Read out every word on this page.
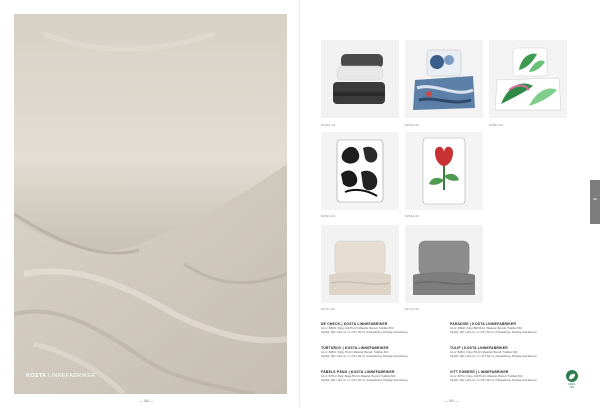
KOSTA LINNEFABRIKER
— 58 —
82903-10	82902-00	82897-00
82821-00	82821-00
82711-00	82710-00
DE CHECK | KOSTA LINNEFABRIKER
Art.nr: 82903 | Färg: Grå 55-10 | Material: Bomull, Tvättbar 60C
Storlek: 150 x 210 cm / 1 x 50 x 60 cm | Förpackning: Polybag med kartong
PARADISE | KOSTA LINNEFABRIKER
Art.nr: 82902 | Färg: Blå 55-10 | Material: Bomull, Tvättbar 60C
Storlek: 150 x 210 cm / 1 x 50 x 60 cm | Förpackning: Polybag med kartong
TURTUROV | KOSTA LINNEFABRIKER
Art.nr: 82821 | Färg: 55-10 | Material: Bomull, Tvättbar 60C
Storlek: 150 x 210 cm / 1 x 50 x 60 cm | Förpackning: Polybag med kartong
TULIP | KOSTA LINNEFABRIKER
Art.nr: 82821 | Färg: 55-10 | Material: Bomull, Tvättbar 60C
Storlek: 150 x 210 cm / 1 x 50 x 60 cm | Förpackning: Polybag med kartong
FÄBELS PÄNG | KOSTA LINNEFABRIKER
Art.nr: 82711 | Färg: Beige 55-10 | Material: Bomull, Tvättbar 60C
Storlek: 150 x 210 cm / 1 x 50 x 60 cm | Förpackning: Polybag med kartong
VITT EUBERG | LINNEFABRIKER
Art.nr: 82710 | Färg: Grå 55-10 | Material: Bomull, Tvättbar 60C
Storlek: 150 x 210 cm / 1 x 50 x 60 cm | Förpackning: Polybag med kartong
OEKO-TEX
SE
— 59 —
